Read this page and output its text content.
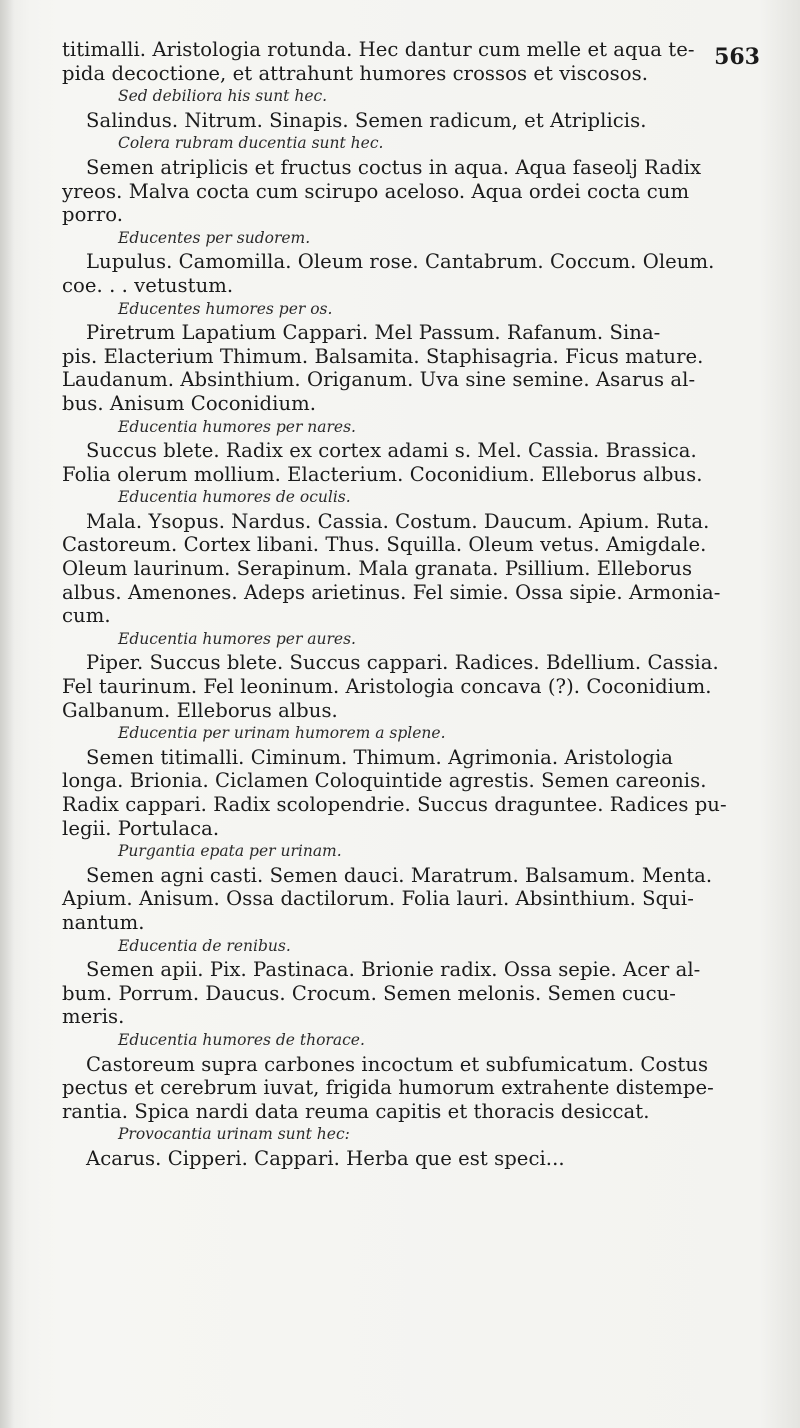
563
titimalli. Aristologia rotunda. Hec dantur cum melle et aqua te-
pida decoctione, et attrahunt humores crossos et viscosos.
Sed debiliora his sunt hec.
Salindus. Nitrum. Sinapis. Semen radicum, et Atriplicis.
Colera rubram ducentia sunt hec.
Semen atriplicis et fructus coctus in aqua. Aqua faseolj Radix
yreos. Malva cocta cum scirupo aceloso. Aqua ordei cocta cum
porro.
Educentes per sudorem.
Lupulus. Camomilla. Oleum rose. Cantabrum. Coccum. Oleum.
coe. . . vetustum.
Educentes humores per os.
Piretrum Lapatium Cappari. Mel Passum. Rafanum. Sina-
pis. Elacterium Thimum. Balsamita. Staphisagria. Ficus mature.
Laudanum. Absinthium. Origanum. Uva sine semine. Asarus al-
bus. Anisum Coconidium.
Educentia humores per nares.
Succus blete. Radix ex cortex adami s. Mel. Cassia. Brassica.
Folia olerum mollium. Elacterium. Coconidium. Elleborus albus.
Educentia humores de oculis.
Mala. Ysopus. Nardus. Cassia. Costum. Daucum. Apium. Ruta.
Castoreum. Cortex libani. Thus. Squilla. Oleum vetus. Amigdale.
Oleum laurinum. Serapinum. Mala granata. Psillium. Elleborus
albus. Amenones. Adeps arietinus. Fel simie. Ossa sipie. Armonia-
cum.
Educentia humores per aures.
Piper. Succus blete. Succus cappari. Radices. Bdellium. Cassia.
Fel taurinum. Fel leoninum. Aristologia concava (?). Coconidium.
Galbanum. Elleborus albus.
Educentia per urinam humorem a splene.
Semen titimalli. Ciminum. Thimum. Agrimonia. Aristologia
longa. Brionia. Ciclamen Coloquintide agrestis. Semen careonis.
Radix cappari. Radix scolopendrie. Succus draguntee. Radices pu-
legii. Portulaca.
Purgantia epata per urinam.
Semen agni casti. Semen dauci. Maratrum. Balsamum. Menta.
Apium. Anisum. Ossa dactilorum. Folia lauri. Absinthium. Squi-
nantum.
Educentia de renibus.
Semen apii. Pix. Pastinaca. Brionie radix. Ossa sepie. Acer al-
bum. Porrum. Daucus. Crocum. Semen melonis. Semen cucu-
meris.
Educentia humores de thorace.
Castoreum supra carbones incoctum et subfumicatum. Costus
pectus et cerebrum iuvat, frigida humorum extrahente distempe-
rantia. Spica nardi data reuma capitis et thoracis desiccat.
Provocantia urinam sunt hec:
Acarus. Cipperi. Cappari. Herba que est speci...
